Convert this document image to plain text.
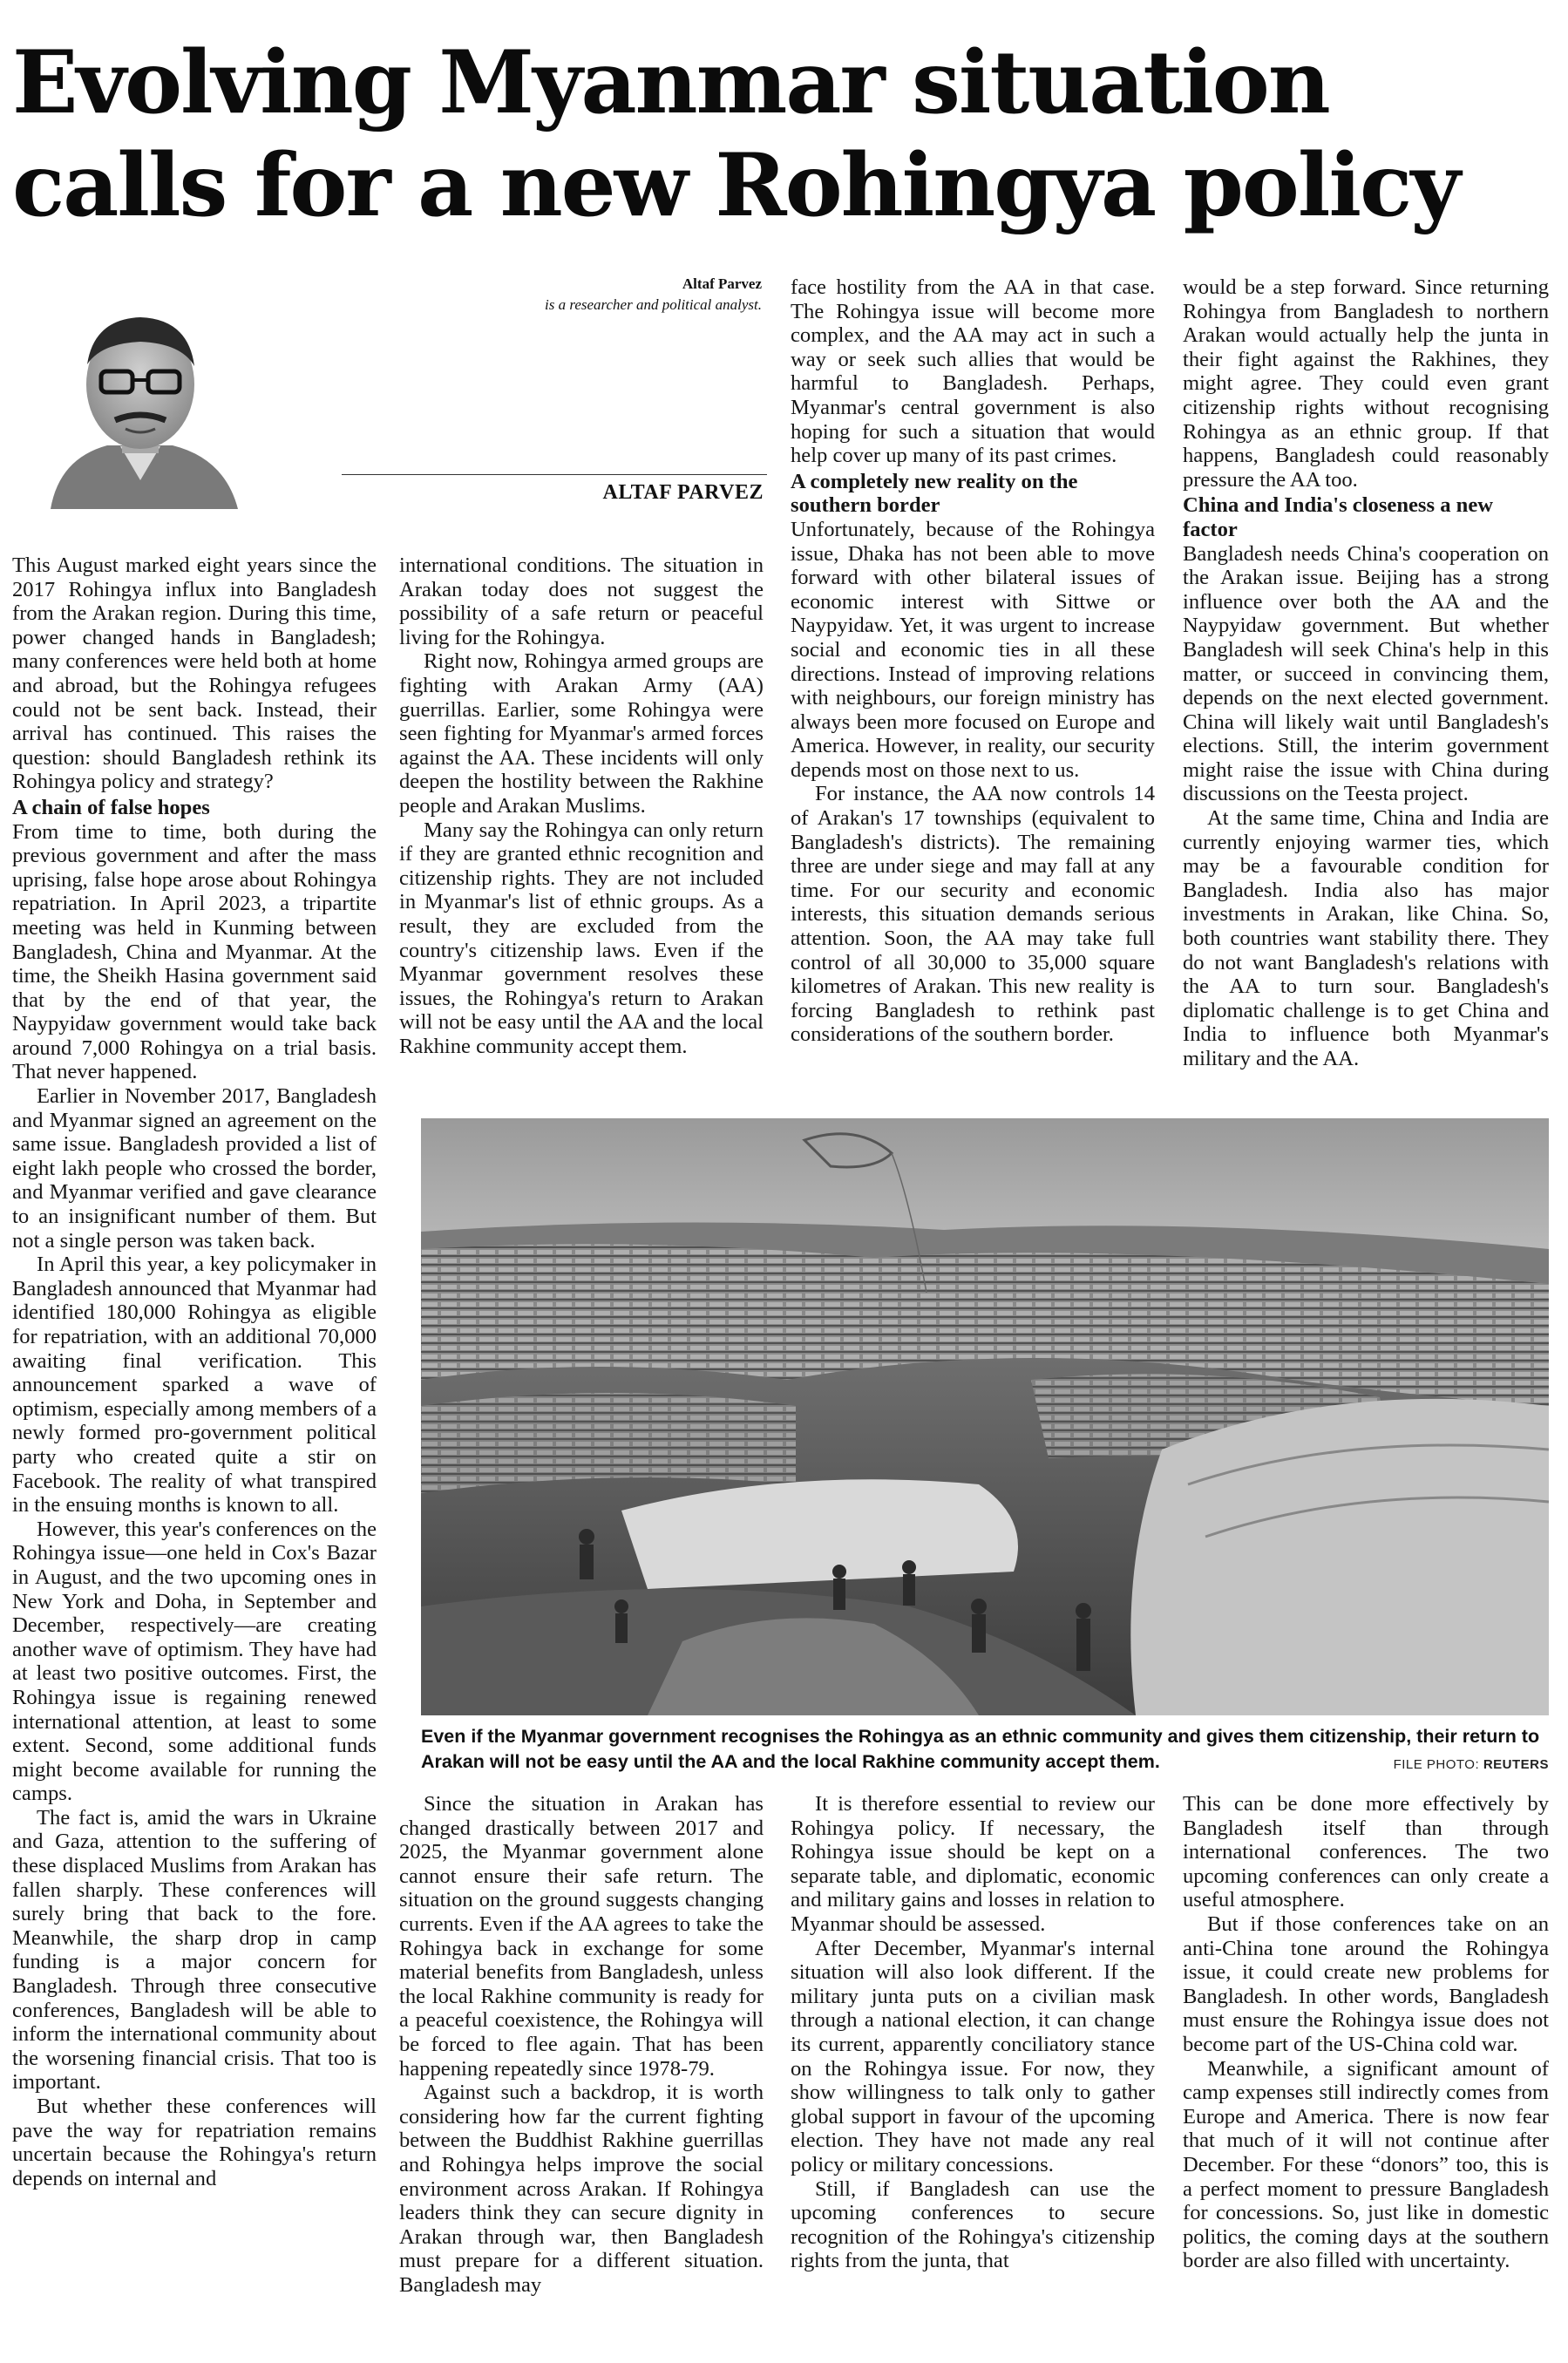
Evolving Myanmar situation calls for a new Rohingya policy
Altaf Parvez
is a researcher and political analyst.
ALTAF PARVEZ

This August marked eight years since the 2017 Rohingya influx into Bangladesh from the Arakan region. During this time, power changed hands in Bangladesh; many conferences were held both at home and abroad, but the Rohingya refugees could not be sent back. Instead, their arrival has continued. This raises the question: should Bangladesh rethink its Rohingya policy and strategy?

A chain of false hopes

From time to time, both during the previous government and after the mass uprising, false hope arose about Rohingya repatriation. In April 2023, a tripartite meeting was held in Kunming between Bangladesh, China and Myanmar. At the time, the Sheikh Hasina government said that by the end of that year, the Naypyidaw government would take back around 7,000 Rohingya on a trial basis. That never happened.

Earlier in November 2017, Bangladesh and Myanmar signed an agreement on the same issue. Bangladesh provided a list of eight lakh people who crossed the border, and Myanmar verified and gave clearance to an insignificant number of them. But not a single person was taken back.

In April this year, a key policymaker in Bangladesh announced that Myanmar had identified 180,000 Rohingya as eligible for repatriation, with an additional 70,000 awaiting final verification. This announcement sparked a wave of optimism, especially among members of a newly formed pro-government political party who created quite a stir on Facebook. The reality of what transpired in the ensuing months is known to all.

However, this year's conferences on the Rohingya issue—one held in Cox's Bazar in August, and the two upcoming ones in New York and Doha, in September and December, respectively—are creating another wave of optimism. They have had at least two positive outcomes. First, the Rohingya issue is regaining renewed international attention, at least to some extent. Second, some additional funds might become available for running the camps.

The fact is, amid the wars in Ukraine and Gaza, attention to the suffering of these displaced Muslims from Arakan has fallen sharply. These conferences will surely bring that back to the fore. Meanwhile, the sharp drop in camp funding is a major concern for Bangladesh. Through three consecutive conferences, Bangladesh will be able to inform the international community about the worsening financial crisis. That too is important.

But whether these conferences will pave the way for repatriation remains uncertain because the Rohingya's return depends on internal and

international conditions. The situation in Arakan today does not suggest the possibility of a safe return or peaceful living for the Rohingya.

Right now, Rohingya armed groups are fighting with Arakan Army (AA) guerrillas. Earlier, some Rohingya were seen fighting for Myanmar's armed forces against the AA. These incidents will only deepen the hostility between the Rakhine people and Arakan Muslims.

Many say the Rohingya can only return if they are granted ethnic recognition and citizenship rights. They are not included in Myanmar's list of ethnic groups. As a result, they are excluded from the country's citizenship laws. Even if the Myanmar government resolves these issues, the Rohingya's return to Arakan will not be easy until the AA and the local Rakhine community accept them.

face hostility from the AA in that case. The Rohingya issue will become more complex, and the AA may act in such a way or seek such allies that would be harmful to Bangladesh. Perhaps, Myanmar's central government is also hoping for such a situation that would help cover up many of its past crimes.

A completely new reality on the southern border

Unfortunately, because of the Rohingya issue, Dhaka has not been able to move forward with other bilateral issues of economic interest with Sittwe or Naypyidaw. Yet, it was urgent to increase social and economic ties in all these directions. Instead of improving relations with neighbours, our foreign ministry has always been more focused on Europe and America. However, in reality, our security depends most on those next to us.

For instance, the AA now controls 14 of Arakan's 17 townships (equivalent to Bangladesh's districts). The remaining three are under siege and may fall at any time. For our security and economic interests, this situation demands serious attention. Soon, the AA may take full control of all 30,000 to 35,000 square kilometres of Arakan. This new reality is forcing Bangladesh to rethink past considerations of the southern border.

would be a step forward. Since returning Rohingya from Bangladesh to northern Arakan would actually help the junta in their fight against the Rakhines, they might agree. They could even grant citizenship rights without recognising Rohingya as an ethnic group. If that happens, Bangladesh could reasonably pressure the AA too.

China and India's closeness a new factor

Bangladesh needs China's cooperation on the Arakan issue. Beijing has a strong influence over both the AA and the Naypyidaw government. But whether Bangladesh will seek China's help in this matter, or succeed in convincing them, depends on the next elected government. China will likely wait until Bangladesh's elections. Still, the interim government might raise the issue with China during discussions on the Teesta project.

At the same time, China and India are currently enjoying warmer ties, which may be a favourable condition for Bangladesh. India also has major investments in Arakan, like China. So, both countries want stability there. They do not want Bangladesh's relations with the AA to turn sour. Bangladesh's diplomatic challenge is to get China and India to influence both Myanmar's military and the AA.

Even if the Myanmar government recognises the Rohingya as an ethnic community and gives them citizenship, their return to Arakan will not be easy until the AA and the local Rakhine community accept them.	FILE PHOTO: REUTERS

Since the situation in Arakan has changed drastically between 2017 and 2025, the Myanmar government alone cannot ensure their safe return. The situation on the ground suggests changing currents. Even if the AA agrees to take the Rohingya back in exchange for some material benefits from Bangladesh, unless the local Rakhine community is ready for a peaceful coexistence, the Rohingya will be forced to flee again. That has been happening repeatedly since 1978-79.

Against such a backdrop, it is worth considering how far the current fighting between the Buddhist Rakhine guerrillas and Rohingya helps improve the social environment across Arakan. If Rohingya leaders think they can secure dignity in Arakan through war, then Bangladesh must prepare for a different situation. Bangladesh may

It is therefore essential to review our Rohingya policy. If necessary, the Rohingya issue should be kept on a separate table, and diplomatic, economic and military gains and losses in relation to Myanmar should be assessed.

After December, Myanmar's internal situation will also look different. If the military junta puts on a civilian mask through a national election, it can change its current, apparently conciliatory stance on the Rohingya issue. For now, they show willingness to talk only to gather global support in favour of the upcoming election. They have not made any real policy or military concessions.

Still, if Bangladesh can use the upcoming conferences to secure recognition of the Rohingya's citizenship rights from the junta, that

This can be done more effectively by Bangladesh itself than through international conferences. The two upcoming conferences can only create a useful atmosphere.

But if those conferences take on an anti-China tone around the Rohingya issue, it could create new problems for Bangladesh. In other words, Bangladesh must ensure the Rohingya issue does not become part of the US-China cold war.

Meanwhile, a significant amount of camp expenses still indirectly comes from Europe and America. There is now fear that much of it will not continue after December. For these “donors” too, this is a perfect moment to pressure Bangladesh for concessions. So, just like in domestic politics, the coming days at the southern border are also filled with uncertainty.
